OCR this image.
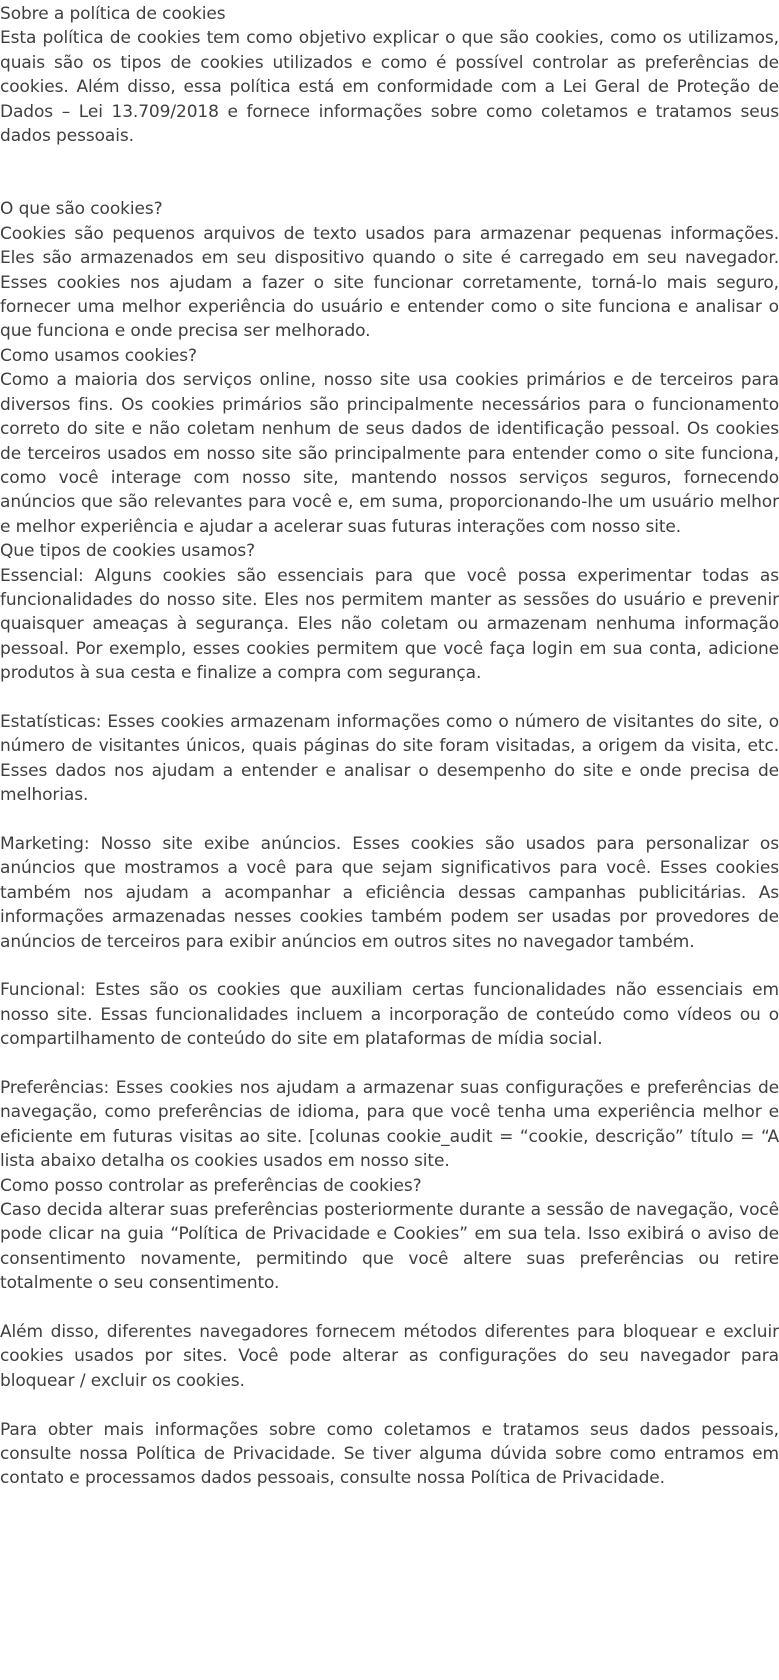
Sobre a política de cookies

Esta política de cookies tem como objetivo explicar o que são cookies, como os utilizamos, quais são os tipos de cookies utilizados e como é possível controlar as preferências de cookies. Além disso, essa política está em conformidade com a Lei Geral de Proteção de Dados – Lei 13.709/2018 e fornece informações sobre como coletamos e tratamos seus dados pessoais.

O que são cookies?

Cookies são pequenos arquivos de texto usados para armazenar pequenas informações. Eles são armazenados em seu dispositivo quando o site é carregado em seu navegador. Esses cookies nos ajudam a fazer o site funcionar corretamente, torná-lo mais seguro, fornecer uma melhor experiência do usuário e entender como o site funciona e analisar o que funciona e onde precisa ser melhorado.

Como usamos cookies?

Como a maioria dos serviços online, nosso site usa cookies primários e de terceiros para diversos fins. Os cookies primários são principalmente necessários para o funcionamento correto do site e não coletam nenhum de seus dados de identificação pessoal. Os cookies de terceiros usados em nosso site são principalmente para entender como o site funciona, como você interage com nosso site, mantendo nossos serviços seguros, fornecendo anúncios que são relevantes para você e, em suma, proporcionando-lhe um usuário melhor e melhor experiência e ajudar a acelerar suas futuras interações com nosso site.

Que tipos de cookies usamos?

Essencial: Alguns cookies são essenciais para que você possa experimentar todas as funcionalidades do nosso site. Eles nos permitem manter as sessões do usuário e prevenir quaisquer ameaças à segurança. Eles não coletam ou armazenam nenhuma informação pessoal. Por exemplo, esses cookies permitem que você faça login em sua conta, adicione produtos à sua cesta e finalize a compra com segurança.

Estatísticas: Esses cookies armazenam informações como o número de visitantes do site, o número de visitantes únicos, quais páginas do site foram visitadas, a origem da visita, etc. Esses dados nos ajudam a entender e analisar o desempenho do site e onde precisa de melhorias.

Marketing: Nosso site exibe anúncios. Esses cookies são usados para personalizar os anúncios que mostramos a você para que sejam significativos para você. Esses cookies também nos ajudam a acompanhar a eficiência dessas campanhas publicitárias. As informações armazenadas nesses cookies também podem ser usadas por provedores de anúncios de terceiros para exibir anúncios em outros sites no navegador também.

Funcional: Estes são os cookies que auxiliam certas funcionalidades não essenciais em nosso site. Essas funcionalidades incluem a incorporação de conteúdo como vídeos ou o compartilhamento de conteúdo do site em plataformas de mídia social.

Preferências: Esses cookies nos ajudam a armazenar suas configurações e preferências de navegação, como preferências de idioma, para que você tenha uma experiência melhor e eficiente em futuras visitas ao site. [colunas cookie_audit = “cookie, descrição” título = “A lista abaixo detalha os cookies usados em nosso site.

Como posso controlar as preferências de cookies?

Caso decida alterar suas preferências posteriormente durante a sessão de navegação, você pode clicar na guia “Política de Privacidade e Cookies” em sua tela. Isso exibirá o aviso de consentimento novamente, permitindo que você altere suas preferências ou retire totalmente o seu consentimento.

Além disso, diferentes navegadores fornecem métodos diferentes para bloquear e excluir cookies usados por sites. Você pode alterar as configurações do seu navegador para bloquear / excluir os cookies.

Para obter mais informações sobre como coletamos e tratamos seus dados pessoais, consulte nossa Política de Privacidade. Se tiver alguma dúvida sobre como entramos em contato e processamos dados pessoais, consulte nossa Política de Privacidade.
